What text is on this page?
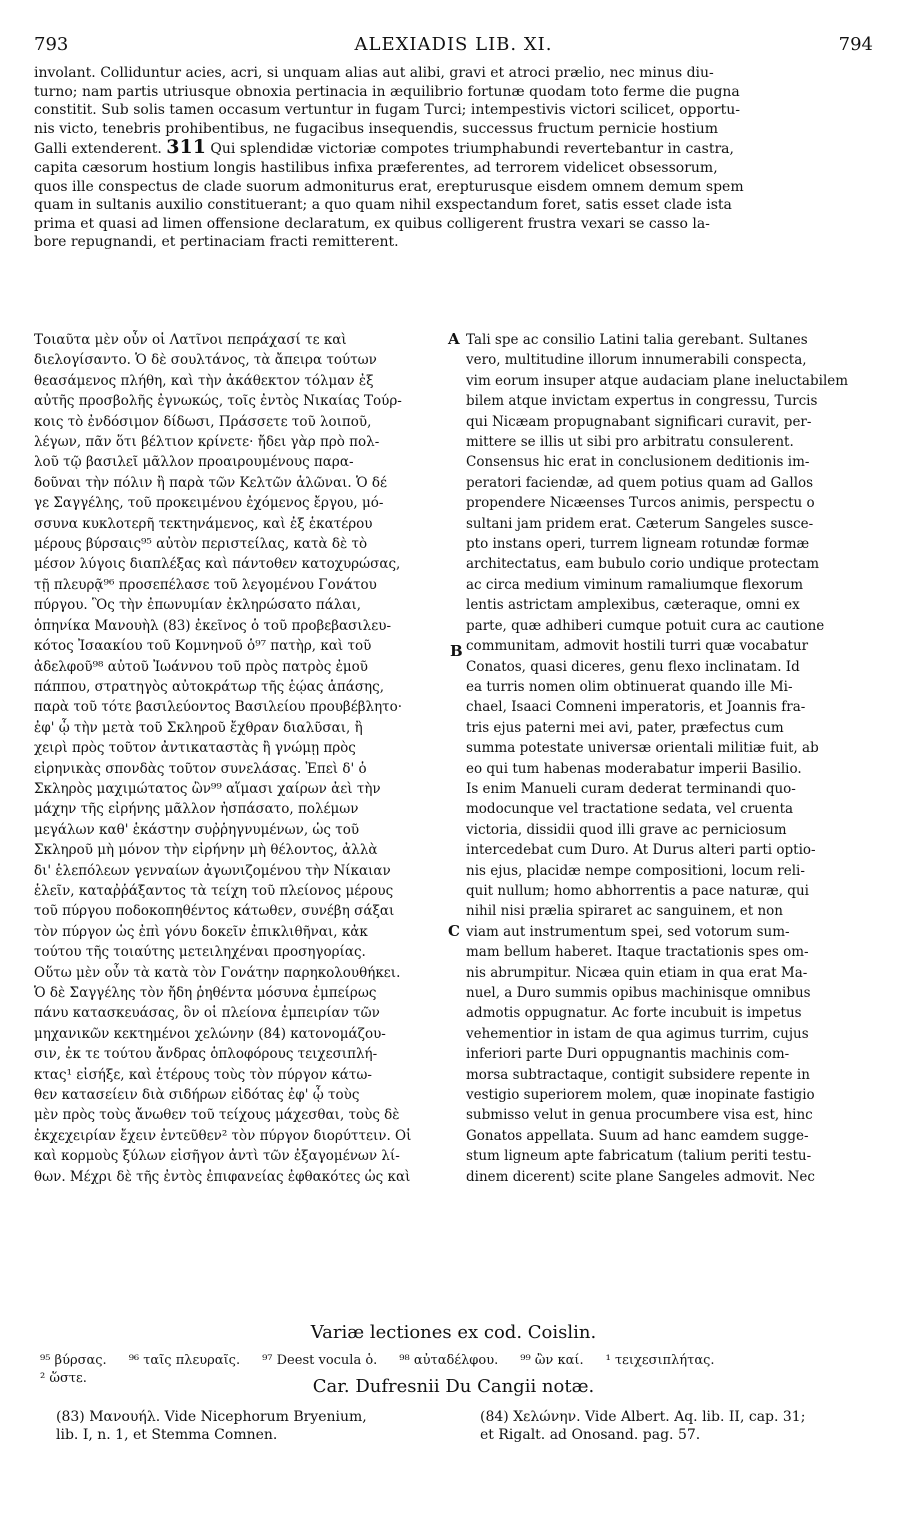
793	ALEXIADIS LIB. XI.	794
involant. Colliduntur acies, acri, si unquam alias aut alibi, gravi et atroci prælio, nec minus diu-
turno; nam partis utriusque obnoxia pertinacia in æquilibrio fortunæ quodam toto ferme die pugna
constitit. Sub solis tamen occasum vertuntur in fugam Turci; intempestivis victori scilicet, opportu-
nis victo, tenebris prohibentibus, ne fugacibus insequendis, successus fructum pernicie hostium
Galli extenderent. 311 Qui splendidæ victoriæ compotes triumphabundi revertebantur in castra,
capita cæsorum hostium longis hastilibus infixa præferentes, ad terrorem videlicet obsessorum,
quos ille conspectus de clade suorum admoniturus erat, erepturusque eisdem omnem demum spem
quam in sultanis auxilio constituerant; a quo quam nihil exspectandum foret, satis esset clade ista
prima et quasi ad limen offensione declaratum, ex quibus colligerent frustra vexari se casso la-
bore repugnandi, et pertinaciam fracti remitterent.
Τοιαῦτα μὲν οὖν οἱ Λατῖνοι πεπράχασί τε καὶ
διελογίσαντο. Ὁ δὲ σουλτάνος, τὰ ἄπειρα τούτων
θεασάμενος πλήθη, καὶ τὴν ἀκάθεκτον τόλμαν ἐξ
αὐτῆς προσβολῆς ἐγνωκώς, τοῖς ἐντὸς Νικαίας Τούρ-
κοις τὸ ἐνδόσιμον δίδωσι, Πράσσετε τοῦ λοιποῦ,
λέγων, πᾶν ὅτι βέλτιον κρίνετε· ἤδει γὰρ πρὸ πολ-
λοῦ τῷ βασιλεῖ μᾶλλον προαιρουμένους παρα-
δοῦναι τὴν πόλιν ἢ παρὰ τῶν Κελτῶν ἁλῶναι. Ὁ δέ
γε Σαγγέλης, τοῦ προκειμένου ἐχόμενος ἔργου, μό-
σσυνα κυκλοτερῆ τεκτηνάμενος, καὶ ἐξ ἑκατέρου
μέρους βύρσαις⁹⁵ αὐτὸν περιστείλας, κατὰ δὲ τὸ
μέσον λύγοις διαπλέξας καὶ πάντοθεν κατοχυρώσας,
τῇ πλευρᾷ⁹⁶ προσεπέλασε τοῦ λεγομένου Γονάτου
πύργου. Ὃς τὴν ἐπωνυμίαν ἐκληρώσατο πάλαι,
ὁπηνίκα Μανουὴλ (83) ἐκεῖνος ὁ τοῦ προβεβασιλευ-
κότος Ἰσαακίου τοῦ Κομνηνοῦ ὁ⁹⁷ πατὴρ, καὶ τοῦ
ἀδελφοῦ⁹⁸ αὐτοῦ Ἰωάννου τοῦ πρὸς πατρὸς ἐμοῦ
πάππου, στρατηγὸς αὐτοκράτωρ τῆς ἑῴας ἁπάσης,
παρὰ τοῦ τότε βασιλεύοντος Βασιλείου προυβέβλητο·
ἐφ' ᾧ τὴν μετὰ τοῦ Σκληροῦ ἔχθραν διαλῦσαι, ἢ
χειρὶ πρὸς τοῦτον ἀντικαταστὰς ἢ γνώμῃ πρὸς
εἰρηνικὰς σπονδὰς τοῦτον συνελάσας. Ἐπεὶ δ' ὁ
Σκληρὸς μαχιμώτατος ὢν⁹⁹ αἵμασι χαίρων ἀεὶ τὴν
μάχην τῆς εἰρήνης μᾶλλον ἠσπάσατο, πολέμων
μεγάλων καθ' ἑκάστην συῤῥηγνυμένων, ὡς τοῦ
Σκληροῦ μὴ μόνον τὴν εἰρήνην μὴ θέλοντος, ἀλλὰ
δι' ἑλεπόλεων γενναίων ἀγωνιζομένου τὴν Νίκαιαν
ἑλεῖν, καταῤῥάξαντος τὰ τείχη τοῦ πλείονος μέρους
τοῦ πύργου ποδοκοπηθέντος κάτωθεν, συνέβη σάξαι
τὸν πύργον ὡς ἐπὶ γόνυ δοκεῖν ἐπικλιθῆναι, κἀκ
τούτου τῆς τοιαύτης μετειληχέναι προσηγορίας.
Οὕτω μὲν οὖν τὰ κατὰ τὸν Γονάτην παρηκολουθήκει.
Ὁ δὲ Σαγγέλης τὸν ἤδη ῥηθέντα μόσυνα ἐμπείρως
πάνυ κατασκευάσας, ὃν οἱ πλείονα ἐμπειρίαν τῶν
μηχανικῶν κεκτημένοι χελώνην (84) κατονομάζου-
σιν, ἐκ τε τούτου ἄνδρας ὁπλοφόρους τειχεσιπλή-
κτας¹ εἰσήξε, καὶ ἑτέρους τοὺς τὸν πύργον κάτω-
θεν κατασείειν διὰ σιδήρων εἰδότας ἐφ' ᾧ τοὺς
μὲν πρὸς τοὺς ἄνωθεν τοῦ τείχους μάχεσθαι, τοὺς δὲ
ἐκχεχειρίαν ἔχειν ἐντεῦθεν² τὸν πύργον διορύττειν. Οἱ
καὶ κορμοὺς ξύλων εἰσῆγον ἀντὶ τῶν ἐξαγομένων λί-
θων. Μέχρι δὲ τῆς ἐντὸς ἐπιφανείας ἐφθακότες ὡς καὶ
Tali spe ac consilio Latini talia gerebant. Sultanes
vero, multitudine illorum innumerabili conspecta,
vim eorum insuper atque audaciam plane ineluctabilem
bilem atque invictam expertus in congressu, Turcis
qui Nicæam propugnabant significari curavit, per-
mittere se illis ut sibi pro arbitratu consulerent.
Consensus hic erat in conclusionem deditionis im-
peratori faciendæ, ad quem potius quam ad Gallos
propendere Nicæenses Turcos animis, perspectu o
sultani jam pridem erat. Cæterum Sangeles susce-
pto instans operi, turrem ligneam rotundæ formæ
architectatus, eam bubulo corio undique protectam
ac circa medium viminum ramaliumque flexorum
lentis astrictam amplexibus, cæteraque, omni ex
parte, quæ adhiberi cumque potuit cura ac cautione
communitam, admovit hostili turri quæ vocabatur
Conatos, quasi diceres, genu flexo inclinatam. Id
ea turris nomen olim obtinuerat quando ille Mi-
chael, Isaaci Comneni imperatoris, et Joannis fra-
tris ejus paterni mei avi, pater, præfectus cum
summa potestate universæ orientali militiæ fuit, ab
eo qui tum habenas moderabatur imperii Basilio.
Is enim Manueli curam dederat terminandi quo-
modocunque vel tractatione sedata, vel cruenta
victoria, dissidii quod illi grave ac perniciosum
intercedebat cum Duro. At Durus alteri parti optio-
nis ejus, placidæ nempe compositioni, locum reli-
quit nullum; homo abhorrentis a pace naturæ, qui
nihil nisi prælia spiraret ac sanguinem, et non
viam aut instrumentum spei, sed votorum sum-
mam bellum haberet. Itaque tractationis spes om-
nis abrumpitur. Nicæa quin etiam in qua erat Ma-
nuel, a Duro summis opibus machinisque omnibus
admotis oppugnatur. Ac forte incubuit is impetus
vehementior in istam de qua agimus turrim, cujus
inferiori parte Duri oppugnantis machinis com-
morsa subtractaque, contigit subsidere repente in
vestigio superiorem molem, quæ inopinate fastigio
submisso velut in genua procumbere visa est, hinc
Gonatos appellata. Suum ad hanc eamdem sugge-
stum ligneum apte fabricatum (talium periti testu-
dinem dicerent) scite plane Sangeles admovit. Nec
A
B
C
Variæ lectiones ex cod. Coislin.
⁹⁵ βύρσας. ⁹⁶ ταῖς πλευραῖς. ⁹⁷ Deest vocula ὁ. ⁹⁸ αὐταδέλφου. ⁹⁹ ὢν καί. ¹ τειχεσιπλήτας.
² ὥστε.	Car. Dufresnii Du Cangii notæ.
(83) Μανουήλ. Vide Nicephorum Bryenium,
lib. I, n. 1, et Stemma Comnen.
(84) Χελώνην. Vide Albert. Aq. lib. II, cap. 31;
et Rigalt. ad Onosand. pag. 57.
